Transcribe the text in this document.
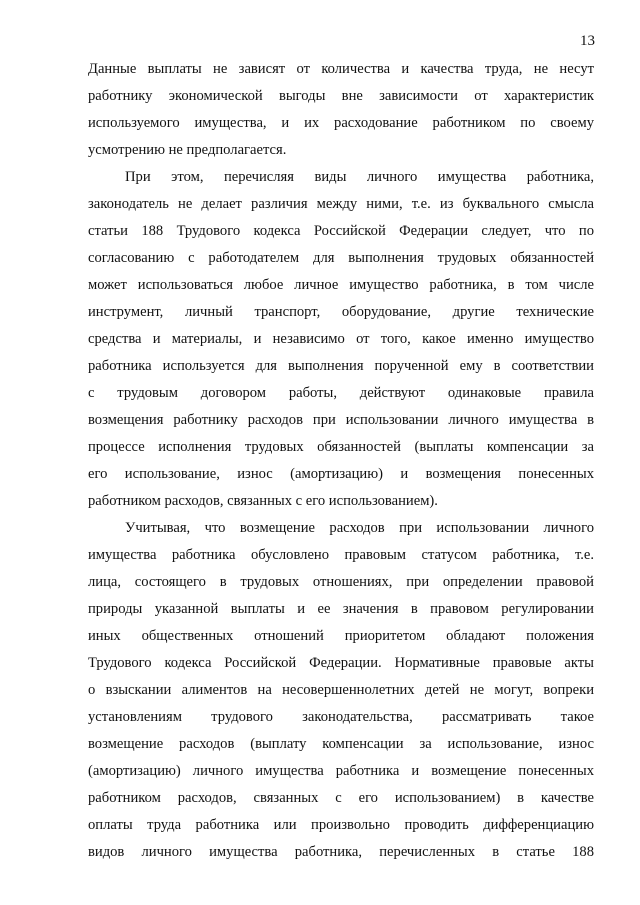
13

Данные выплаты не зависят от количества и качества труда, не несут
работнику экономической выгоды вне зависимости от характеристик
используемого имущества, и их расходование работником по своему
усмотрению не предполагается.

При этом, перечисляя виды личного имущества работника,
законодатель не делает различия между ними, т.е. из буквального смысла
статьи 188 Трудового кодекса Российской Федерации следует, что по
согласованию с работодателем для выполнения трудовых обязанностей
может использоваться любое личное имущество работника, в том числе
инструмент, личный транспорт, оборудование, другие технические
средства и материалы, и независимо от того, какое именно имущество
работника используется для выполнения порученной ему в соответствии
с трудовым договором работы, действуют одинаковые правила
возмещения работнику расходов при использовании личного имущества в
процессе исполнения трудовых обязанностей (выплаты компенсации за
его использование, износ (амортизацию) и возмещения понесенных
работником расходов, связанных с его использованием).

Учитывая, что возмещение расходов при использовании личного
имущества работника обусловлено правовым статусом работника, т.е.
лица, состоящего в трудовых отношениях, при определении правовой
природы указанной выплаты и ее значения в правовом регулировании
иных общественных отношений приоритетом обладают положения
Трудового кодекса Российской Федерации. Нормативные правовые акты
о взыскании алиментов на несовершеннолетних детей не могут, вопреки
установлениям трудового законодательства, рассматривать такое
возмещение расходов (выплату компенсации за использование, износ
(амортизацию) личного имущества работника и возмещение понесенных
работником расходов, связанных с его использованием) в качестве
оплаты труда работника или произвольно проводить дифференциацию
видов личного имущества работника, перечисленных в статье 188
